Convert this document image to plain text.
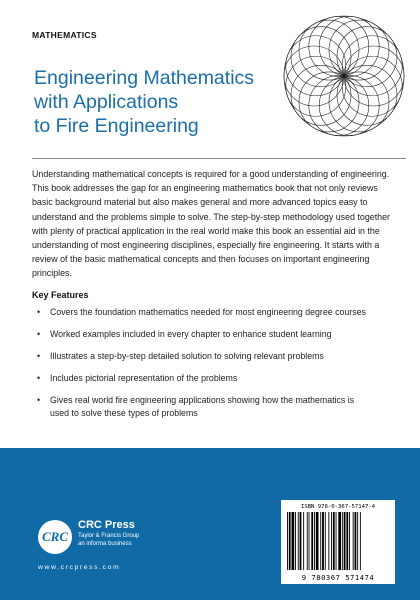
MATHEMATICS
Engineering Mathematics
with Applications
to Fire Engineering
Understanding mathematical concepts is required for a good understanding of engineering. This book addresses the gap for an engineering mathematics book that not only reviews basic background material but also makes general and more advanced topics easy to understand and the problems simple to solve. The step-by-step methodology used together with plenty of practical application in the real world make this book an essential aid in the understanding of most engineering disciplines, especially fire engineering. It starts with a review of the basic mathematical concepts and then focuses on important engineering principles.
Key Features
• Covers the foundation mathematics needed for most engineering degree courses
• Worked examples included in every chapter to enhance student learning
• Illustrates a step-by-step detailed solution to solving relevant problems
• Includes pictorial representation of the problems
• Gives real world fire engineering applications showing how the mathematics is used to solve these types of problems
CRC
CRC Press
Taylor & Francis Group
an informa business
www.crcpress.com
ISBN 978-0-367-57147-4
9 780367 571474
